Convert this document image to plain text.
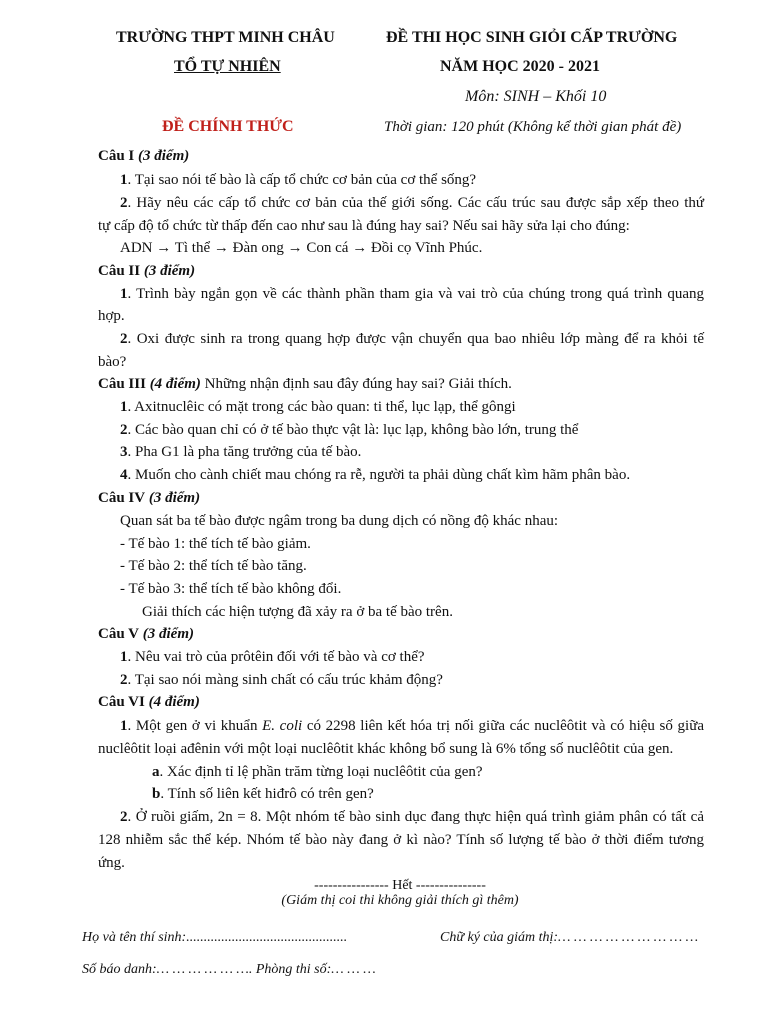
TRƯỜNG THPT MINH CHÂU
TỔ TỰ NHIÊN
ĐỀ THI HỌC SINH GIỎI CẤP TRƯỜNG
NĂM HỌC 2020 - 2021
Môn: SINH – Khối 10
ĐỀ CHÍNH THỨC	Thời gian: 120 phút (Không kể thời gian phát đề)
Câu I (3 điểm)
1. Tại sao nói tế bào là cấp tổ chức cơ bản của cơ thể sống?
2. Hãy nêu các cấp tổ chức cơ bản của thế giới sống. Các cấu trúc sau được sắp xếp theo thứ
tự cấp độ tổ chức từ thấp đến cao như sau là đúng hay sai? Nếu sai hãy sửa lại cho đúng:
ADN → Tì thể → Đàn ong → Con cá → Đồi cọ Vĩnh Phúc.
Câu II (3 điểm)
1. Trình bày ngắn gọn về các thành phần tham gia và vai trò của chúng trong quá trình quang
hợp.
2. Oxi được sinh ra trong quang hợp được vận chuyển qua bao nhiêu lớp màng để ra khỏi tế
bào?
Câu III (4 điểm) Những nhận định sau đây đúng hay sai? Giải thích.
1. Axitnuclêic có mặt trong các bào quan: ti thể, lục lạp, thể gôngi
2. Các bào quan chỉ có ở tế bào thực vật là: lục lạp, không bào lớn, trung thể
3. Pha G1 là pha tăng trưởng của tế bào.
4. Muốn cho cành chiết mau chóng ra rễ, người ta phải dùng chất kìm hãm phân bào.
Câu IV (3 điểm)
Quan sát ba tế bào được ngâm trong ba dung dịch có nồng độ khác nhau:
- Tế bào 1: thể tích tế bào giảm.
- Tế bào 2: thể tích tế bào tăng.
- Tế bào 3: thể tích tế bào không đổi.
Giải thích các hiện tượng đã xảy ra ở ba tế bào trên.
Câu V (3 điểm)
1. Nêu vai trò của prôtêin đối với tế bào và cơ thể?
2. Tại sao nói màng sinh chất có cấu trúc khảm động?
Câu VI (4 điểm)
1. Một gen ở vi khuẩn E. coli có 2298 liên kết hóa trị nối giữa các nuclêôtit và có hiệu số giữa
nuclêôtit loại ađênin với một loại nuclêôtit khác không bổ sung là 6% tổng số nuclêôtit của gen.
a. Xác định tỉ lệ phần trăm từng loại nuclêôtit của gen?
b. Tính số liên kết hiđrô có trên gen?
2. Ở ruồi giấm, 2n = 8. Một nhóm tế bào sinh dục đang thực hiện quá trình giảm phân có tất cả
128 nhiễm sắc thể kép. Nhóm tế bào này đang ở kì nào? Tính số lượng tế bào ở thời điểm tương
ứng.
---------------- Hết ---------------
(Giám thị coi thi không giải thích gì thêm)
Họ và tên thí sinh:..............................................	Chữ ký của giám thị:… … … … … … … … …
Số báo danh:… … … … … …. Phòng thi số:… … …
